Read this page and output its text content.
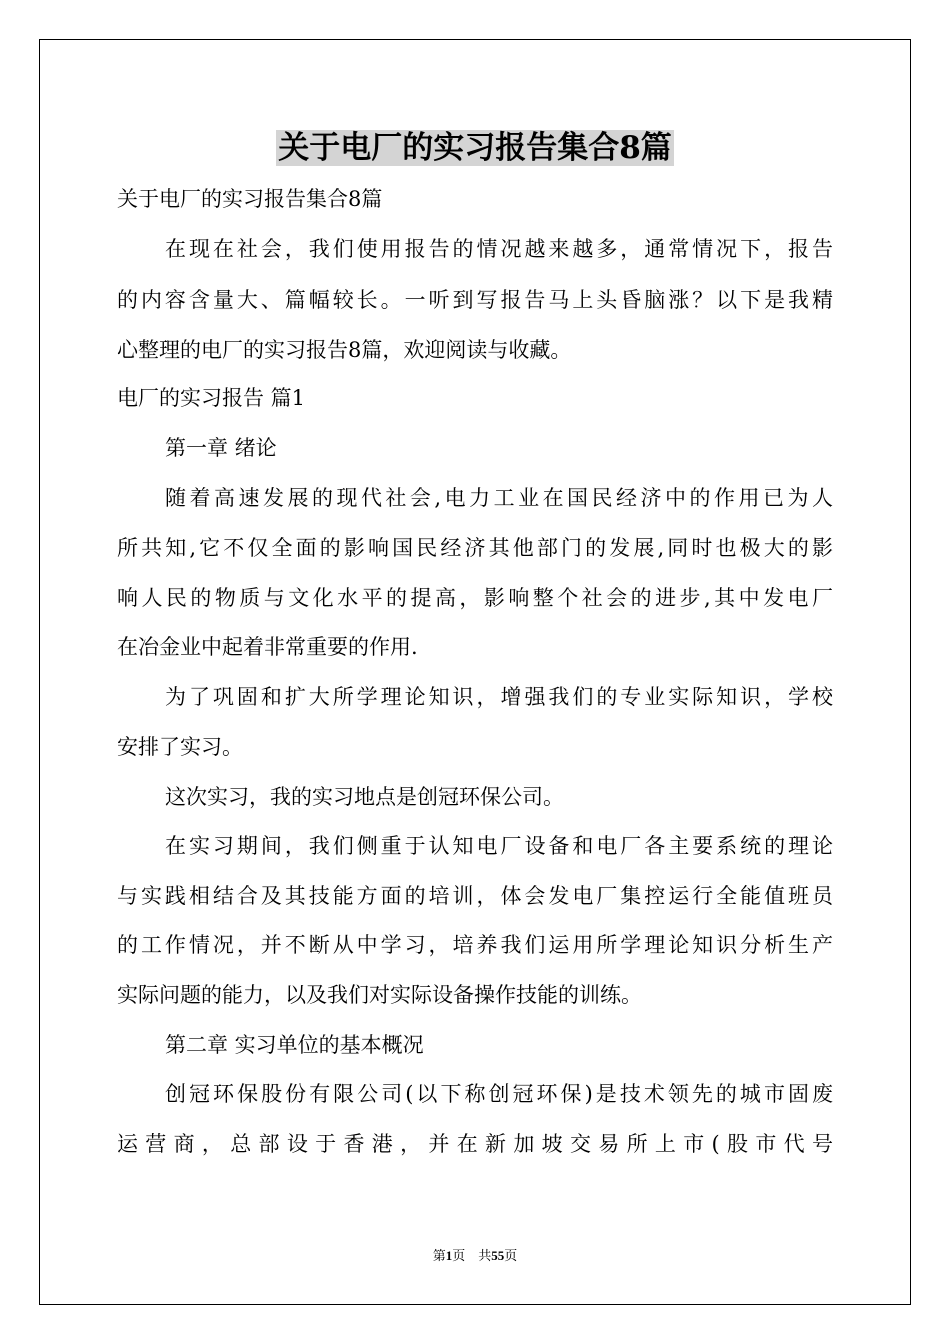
关于电厂的实习报告集合8篇
关于电厂的实习报告集合8篇
在现在社会，我们使用报告的情况越来越多，通常情况下，报告
的内容含量大、篇幅较长。一听到写报告马上头昏脑涨？以下是我精
心整理的电厂的实习报告8篇，欢迎阅读与收藏。
电厂的实习报告 篇1
第一章 绪论
随着高速发展的现代社会,电力工业在国民经济中的作用已为人
所共知,它不仅全面的影响国民经济其他部门的发展,同时也极大的影
响人民的物质与文化水平的提高，影响整个社会的进步,其中发电厂
在冶金业中起着非常重要的作用.
为了巩固和扩大所学理论知识，增强我们的专业实际知识，学校
安排了实习。
这次实习，我的实习地点是创冠环保公司。
在实习期间，我们侧重于认知电厂设备和电厂各主要系统的理论
与实践相结合及其技能方面的培训，体会发电厂集控运行全能值班员
的工作情况，并不断从中学习，培养我们运用所学理论知识分析生产
实际问题的能力，以及我们对实际设备操作技能的训练。
第二章 实习单位的基本概况
创冠环保股份有限公司(以下称创冠环保)是技术领先的城市固废
运营商，总部设于香港，并在新加坡交易所上市(股市代号
第1页　共55页
